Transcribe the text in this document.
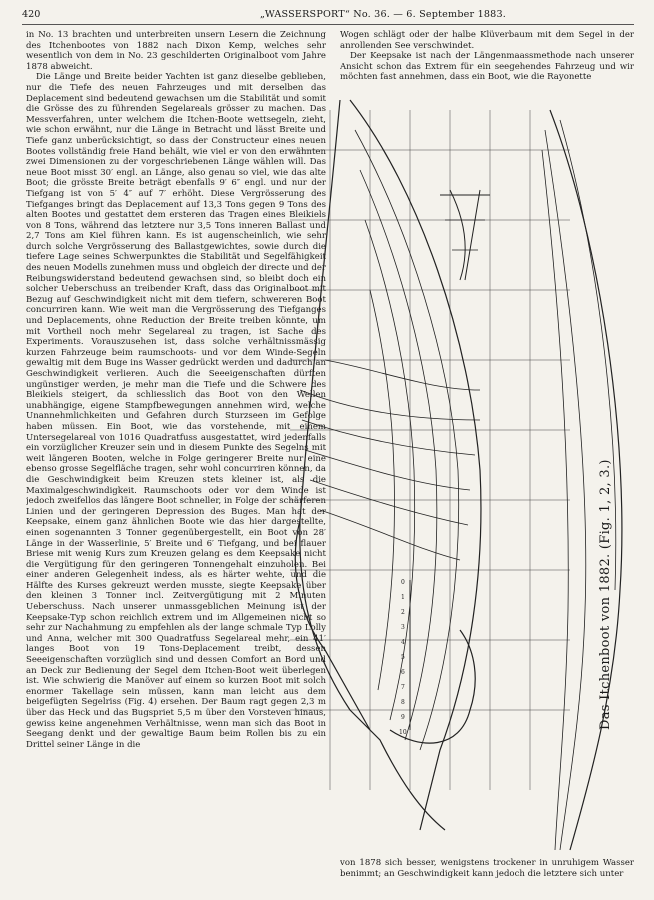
420	„WASSERSPORT“ No. 36. — 6. September 1883.

in No. 13 brachten und unterbreiten unsern Lesern die Zeichnung des Itchenbootes von 1882 nach Dixon Kemp, welches sehr wesentlich von dem in No. 23 geschilderten Originalboot vom Jahre 1878 abweicht.

Die Länge und Breite beider Yachten ist ganz dieselbe geblieben, nur die Tiefe des neuen Fahrzeuges und mit derselben das Deplacement sind bedeutend gewachsen um die Stabilität und somit die Grösse des zu führenden Segelareals grösser zu machen. Das Messverfahren, unter welchem die Itchen-Boote wettsegeln, zieht, wie schon erwähnt, nur die Länge in Betracht und lässt Breite und Tiefe ganz unberücksichtigt, so dass der Constructeur eines neuen Bootes vollständig freie Hand behält, wie viel er von den erwähnten zwei Dimensionen zu der vorgeschriebenen Länge wählen will. Das neue Boot misst 30′ engl. an Länge, also genau so viel, wie das alte Boot; die grösste Breite beträgt ebenfalls 9′ 6″ engl. und nur der Tiefgang ist von 5′ 4″ auf 7′ erhöht. Diese Vergrösserung des Tiefganges bringt das Deplacement auf 13,3 Tons gegen 9 Tons des alten Bootes und gestattet dem ersteren das Tragen eines Bleikiels von 8 Tons, während das letztere nur 3,5 Tons inneren Ballast und 2,7 Tons am Kiel führen kann. Es ist augenscheinlich, wie sehr durch solche Vergrösserung des Ballastgewichtes, sowie durch die tiefere Lage seines Schwerpunktes die Stabilität und Segelfähigkeit des neuen Modells zunehmen muss und obgleich der directe und der Reibungswiderstand bedeutend gewachsen sind, so bleibt doch ein solcher Ueberschuss an treibender Kraft, dass das Originalboot mit Bezug auf Geschwindigkeit nicht mit dem tiefern, schwereren Boot concurriren kann. Wie weit man die Vergrösserung des Tiefganges und Deplacements, ohne Reduction der Breite treiben könnte, um mit Vortheil noch mehr Segelareal zu tragen, ist Sache des Experiments. Vorauszusehen ist, dass solche verhältnissmässig kurzen Fahrzeuge beim raumschoots- und vor dem Winde-Segeln gewaltig mit dem Buge ins Wasser gedrückt werden und dadurch an Geschwindigkeit verlieren. Auch die Seeeigenschaften dürften ungünstiger werden, je mehr man die Tiefe und die Schwere des Bleikiels steigert, da schliesslich das Boot von den Wellen unabhängige, eigene Stampfbewegungen annehmen wird, welche Unannehmlichkeiten und Gefahren durch Sturzseen im Gefolge haben müssen. Ein Boot, wie das vorstehende, mit einem Untersegelareal von 1016 Quadratfuss ausgestattet, wird jedenfalls ein vorzüglicher Kreuzer sein und in diesem Punkte des Segelns mit weit längeren Booten, welche in Folge geringerer Breite nur eine ebenso grosse Segelfläche tragen, sehr wohl concurriren können, da die Geschwindigkeit beim Kreuzen stets kleiner ist, als die Maximalgeschwindigkeit. Raumschoots oder vor dem Winde ist jedoch zweifellos das längere Boot schneller, in Folge der schärferen Linien und der geringeren Depression des Buges. Man hat der Keepsake, einem ganz ähnlichen Boote wie das hier dargestellte, einen sogenannten 3 Tonner gegenübergestellt, ein Boot von 28′ Länge in der Wasserlinie, 5′ Breite und 6′ Tiefgang, und bei flauer Briese mit wenig Kurs zum Kreuzen gelang es dem Keepsake nicht die Vergütigung für den geringeren Tonnengehalt einzuholen. Bei einer anderen Gelegenheit indess, als es härter wehte, und die Hälfte des Kurses gekreuzt werden musste, siegte Keepsake über den kleinen 3 Tonner incl. Zeitvergütigung mit 2 Minuten Ueberschuss. Nach unserer unmassgeblichen Meinung ist der Keepsake-Typ schon reichlich extrem und im Allgemeinen nicht so sehr zur Nachahmung zu empfehlen als der lange schmale Typ Lolly und Anna, welcher mit 300 Quadratfuss Segelareal mehr, ein 41′ langes Boot von 19 Tons-Deplacement treibt, dessen Seeeigenschaften vorzüglich sind und dessen Comfort an Bord und an Deck zur Bedienung der Segel dem Itchen-Boot weit überlegen ist. Wie schwierig die Manöver auf einem so kurzen Boot mit solch enormer Takellage sein müssen, kann man leicht aus dem beigefügten Segelriss (Fig. 4) ersehen. Der Baum ragt gegen 2,3 m über das Heck und das Bugspriet 5,5 m über den Vorsteven hinaus, gewiss keine angenehmen Verhältnisse, wenn man sich das Boot in Seegang denkt und der gewaltige Baum beim Rollen bis zu ein Drittel seiner Länge in die

Wogen schlägt oder der halbe Klüverbaum mit dem Segel in der anrollenden See verschwindet.

Der Keepsake ist nach der Längenmaassmethode nach unserer Ansicht schon das Extrem für ein seegehendes Fahrzeug und wir möchten fast annehmen, dass ein Boot, wie die Rayonette

0
1
2
3
4
5
6
7
8
9
10
Das Itchenboot von 1882. (Fig. 1, 2, 3.)

von 1878 sich besser, wenigstens trockener in unruhigem Wasser benimmt; an Geschwindigkeit kann jedoch die letztere sich unter
